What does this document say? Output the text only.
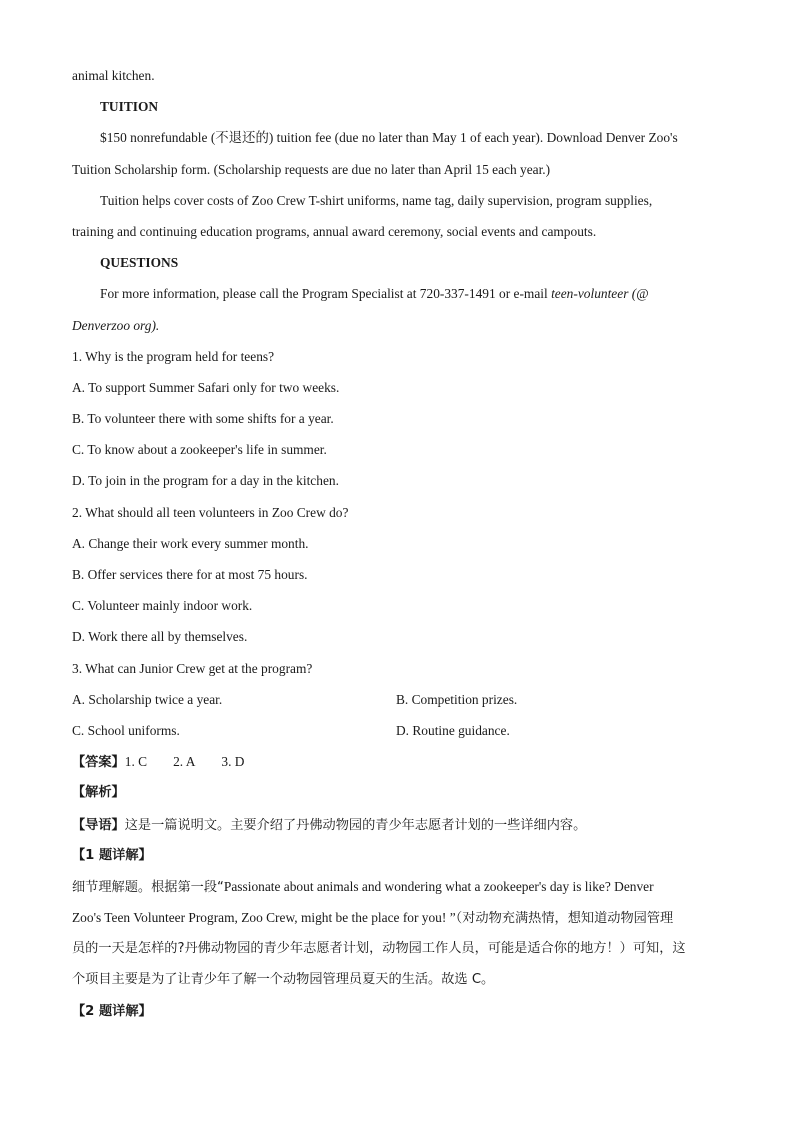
animal kitchen.
TUITION
$150 nonrefundable (不退还的) tuition fee (due no later than May 1 of each year). Download Denver Zoo's
Tuition Scholarship form. (Scholarship requests are due no later than April 15 each year.)
Tuition helps cover costs of Zoo Crew T-shirt uniforms, name tag, daily supervision, program supplies,
training and continuing education programs, annual award ceremony, social events and campouts.
QUESTIONS
For more information, please call the Program Specialist at 720-337-1491 or e-mail teen-volunteer (@
Denverzoo org).
1. Why is the program held for teens?
A. To support Summer Safari only for two weeks.
B. To volunteer there with some shifts for a year.
C. To know about a zookeeper's life in summer.
D. To join in the program for a day in the kitchen.
2. What should all teen volunteers in Zoo Crew do?
A. Change their work every summer month.
B. Offer services there for at most 75 hours.
C. Volunteer mainly indoor work.
D. Work there all by themselves.
3. What can Junior Crew get at the program?
A. Scholarship twice a year.	B. Competition prizes.
C. School uniforms.	D. Routine guidance.
【答案】1. C 2. A 3. D
【解析】
【导语】这是一篇说明文。主要介绍了丹佛动物园的青少年志愿者计划的一些详细内容。
【1 题详解】
细节理解题。根据第一段“Passionate about animals and wondering what a zookeeper's day is like? Denver
Zoo's Teen Volunteer Program, Zoo Crew, might be the place for you! ”（对动物充满热情，想知道动物园管理
员的一天是怎样的?丹佛动物园的青少年志愿者计划，动物园工作人员，可能是适合你的地方！）可知，这
个项目主要是为了让青少年了解一个动物园管理员夏天的生活。故选 C。
【2 题详解】
